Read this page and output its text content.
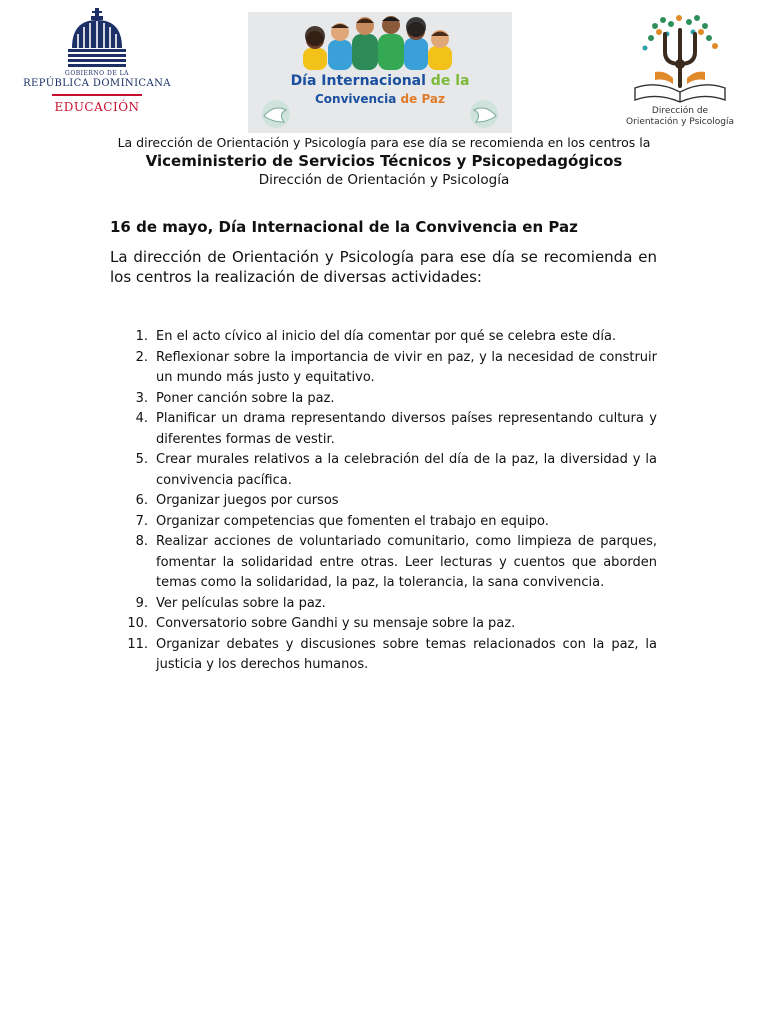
GOBIERNO DE LA
REPÚBLICA DOMINICANA
EDUCACIÓN
Día Internacional de la
Convivencia de Paz
Dirección de
Orientación y Psicología
La dirección de Orientación y Psicología para ese día se recomienda en los centros la
Viceministerio de Servicios Técnicos y Psicopedagógicos
Dirección de Orientación y Psicología
16 de mayo, Día Internacional de la Convivencia en Paz
La dirección de Orientación y Psicología para ese día se recomienda en los centros la realización de diversas actividades:
1. En el acto cívico al inicio del día comentar por qué se celebra este día.
2. Reflexionar sobre la importancia de vivir en paz, y la necesidad de construir un mundo más justo y equitativo.
3. Poner canción sobre la paz.
4. Planificar un drama representando diversos países representando cultura y diferentes formas de vestir.
5. Crear murales relativos a la celebración del día de la paz, la diversidad y la convivencia pacífica.
6. Organizar juegos por cursos
7. Organizar competencias que fomenten el trabajo en equipo.
8. Realizar acciones de voluntariado comunitario, como limpieza de parques, fomentar la solidaridad entre otras. Leer lecturas y cuentos que aborden temas como la solidaridad, la paz, la tolerancia, la sana convivencia.
9. Ver películas sobre la paz.
10. Conversatorio sobre Gandhi y su mensaje sobre la paz.
11. Organizar debates y discusiones sobre temas relacionados con la paz, la justicia y los derechos humanos.
